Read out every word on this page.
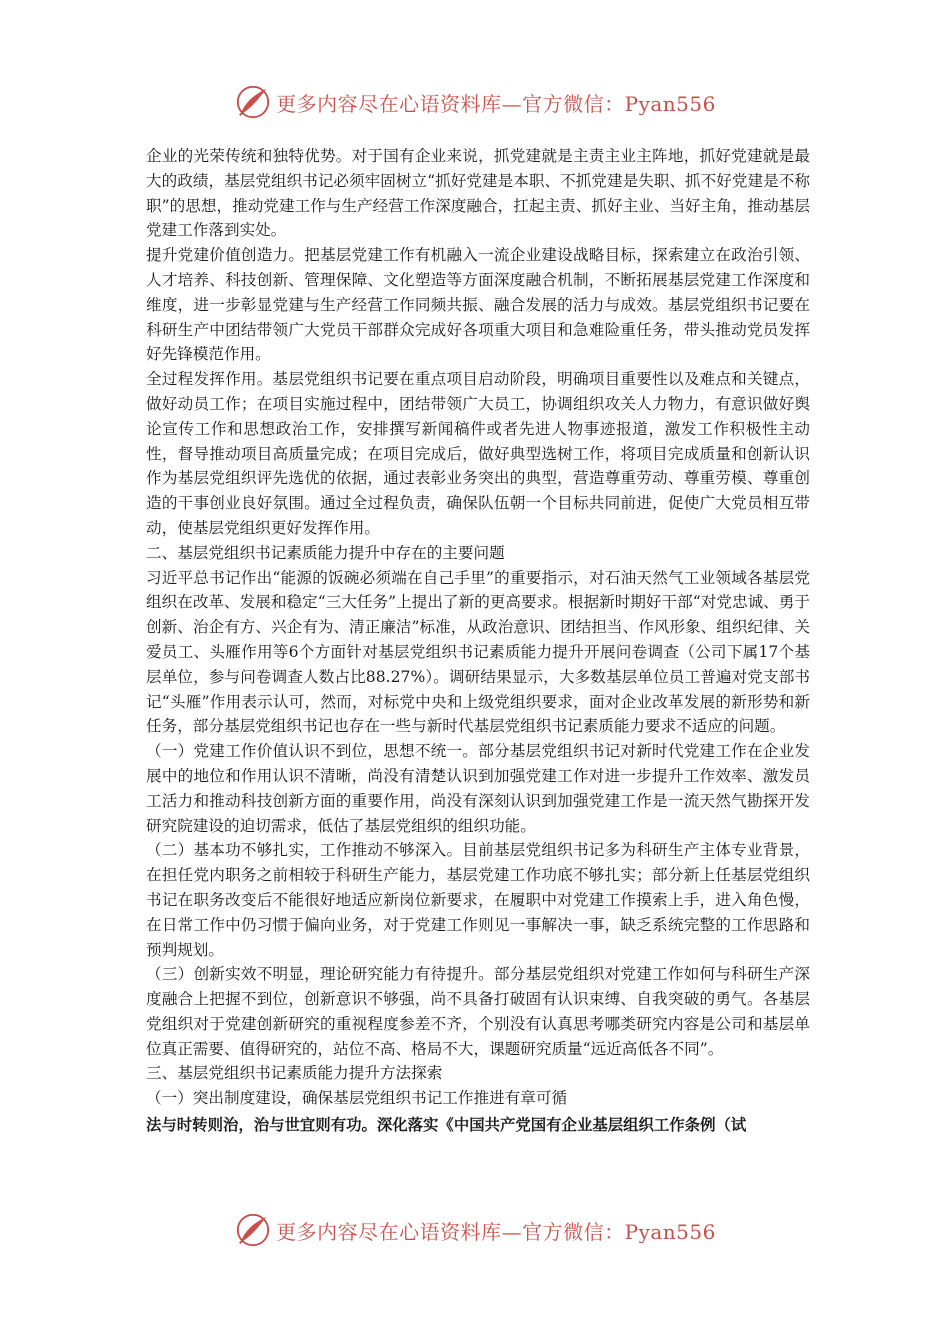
更多内容尽在心语资料库—官方微信：Pyan556

企业的光荣传统和独特优势。对于国有企业来说，抓党建就是主责主业主阵地，抓好党建就是最大的政绩，基层党组织书记必须牢固树立“抓好党建是本职、不抓党建是失职、抓不好党建是不称职”的思想，推动党建工作与生产经营工作深度融合，扛起主责、抓好主业、当好主角，推动基层党建工作落到实处。

提升党建价值创造力。把基层党建工作有机融入一流企业建设战略目标，探索建立在政治引领、人才培养、科技创新、管理保障、文化塑造等方面深度融合机制，不断拓展基层党建工作深度和维度，进一步彰显党建与生产经营工作同频共振、融合发展的活力与成效。基层党组织书记要在科研生产中团结带领广大党员干部群众完成好各项重大项目和急难险重任务，带头推动党员发挥好先锋模范作用。

全过程发挥作用。基层党组织书记要在重点项目启动阶段，明确项目重要性以及难点和关键点，做好动员工作；在项目实施过程中，团结带领广大员工，协调组织攻关人力物力，有意识做好舆论宣传工作和思想政治工作，安排撰写新闻稿件或者先进人物事迹报道，激发工作积极性主动性，督导推动项目高质量完成；在项目完成后，做好典型选树工作，将项目完成质量和创新认识作为基层党组织评先选优的依据，通过表彰业务突出的典型，营造尊重劳动、尊重劳模、尊重创造的干事创业良好氛围。通过全过程负责，确保队伍朝一个目标共同前进，促使广大党员相互带动，使基层党组织更好发挥作用。

二、基层党组织书记素质能力提升中存在的主要问题

习近平总书记作出“能源的饭碗必须端在自己手里”的重要指示，对石油天然气工业领域各基层党组织在改革、发展和稳定“三大任务”上提出了新的更高要求。根据新时期好干部“对党忠诚、勇于创新、治企有方、兴企有为、清正廉洁”标准，从政治意识、团结担当、作风形象、组织纪律、关爱员工、头雁作用等6个方面针对基层党组织书记素质能力提升开展问卷调查（公司下属17个基层单位，参与问卷调查人数占比88.27%）。调研结果显示，大多数基层单位员工普遍对党支部书记“头雁”作用表示认可，然而，对标党中央和上级党组织要求，面对企业改革发展的新形势和新任务，部分基层党组织书记也存在一些与新时代基层党组织书记素质能力要求不适应的问题。

（一）党建工作价值认识不到位，思想不统一。部分基层党组织书记对新时代党建工作在企业发展中的地位和作用认识不清晰，尚没有清楚认识到加强党建工作对进一步提升工作效率、激发员工活力和推动科技创新方面的重要作用，尚没有深刻认识到加强党建工作是一流天然气勘探开发研究院建设的迫切需求，低估了基层党组织的组织功能。

（二）基本功不够扎实，工作推动不够深入。目前基层党组织书记多为科研生产主体专业背景，在担任党内职务之前相较于科研生产能力，基层党建工作功底不够扎实；部分新上任基层党组织书记在职务改变后不能很好地适应新岗位新要求，在履职中对党建工作摸索上手，进入角色慢，在日常工作中仍习惯于偏向业务，对于党建工作则见一事解决一事，缺乏系统完整的工作思路和预判规划。

（三）创新实效不明显，理论研究能力有待提升。部分基层党组织对党建工作如何与科研生产深度融合上把握不到位，创新意识不够强，尚不具备打破固有认识束缚、自我突破的勇气。各基层党组织对于党建创新研究的重视程度参差不齐，个别没有认真思考哪类研究内容是公司和基层单位真正需要、值得研究的，站位不高、格局不大，课题研究质量“远近高低各不同”。

三、基层党组织书记素质能力提升方法探索

（一）突出制度建设，确保基层党组织书记工作推进有章可循

法与时转则治，治与世宜则有功。深化落实《中国共产党国有企业基层组织工作条例（试

更多内容尽在心语资料库—官方微信：Pyan556
